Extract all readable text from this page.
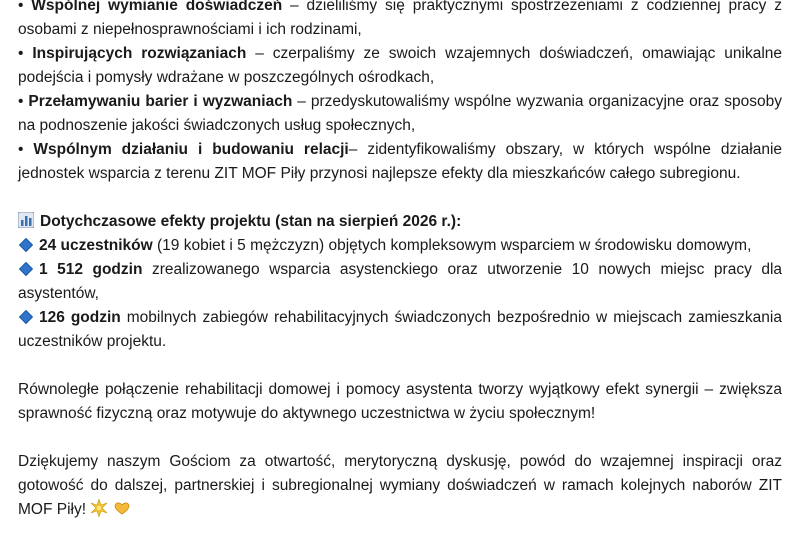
• Wspólnej wymianie doświadczeń – dzieliliśmy się praktycznymi spostrzeżeniami z codziennej pracy z osobami z niepełnosprawnościami i ich rodzinami,

• Inspirujących rozwiązaniach – czerpaliśmy ze swoich wzajemnych doświadczeń, omawiając unikalne podejścia i pomysły wdrażane w poszczególnych ośrodkach,

• Przełamywaniu barier i wyzwaniach – przedyskutowaliśmy wspólne wyzwania organizacyjne oraz sposoby na podnoszenie jakości świadczonych usług społecznych,

• Wspólnym działaniu i budowaniu relacji– zidentyfikowaliśmy obszary, w których wspólne działanie jednostek wsparcia z terenu ZIT MOF Piły przynosi najlepsze efekty dla mieszkańców całego subregionu.

Dotychczasowe efekty projektu (stan na sierpień 2026 r.):

24 uczestników (19 kobiet i 5 mężczyzn) objętych kompleksowym wsparciem w środowisku domowym,

1 512 godzin zrealizowanego wsparcia asystenckiego oraz utworzenie 10 nowych miejsc pracy dla asystentów,

126 godzin mobilnych zabiegów rehabilitacyjnych świadczonych bezpośrednio w miejscach zamieszkania uczestników projektu.

Równoległe połączenie rehabilitacji domowej i pomocy asystenta tworzy wyjątkowy efekt synergii – zwiększa sprawność fizyczną oraz motywuje do aktywnego uczestnictwa w życiu społecznym!

Dziękujemy naszym Gościom za otwartość, merytoryczną dyskusję, powód do wzajemnej inspiracji oraz gotowość do dalszej, partnerskiej i subregionalnej wymiany doświadczeń w ramach kolejnych naborów ZIT MOF Piły!
